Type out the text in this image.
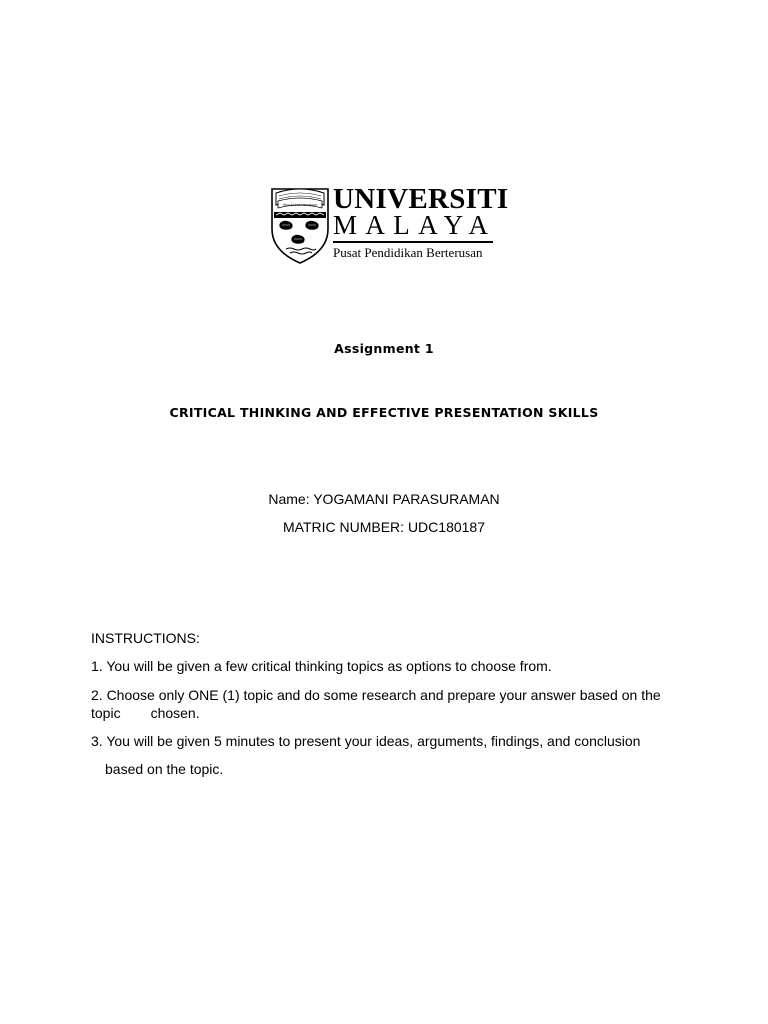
ilmu punca kemajuan UNIVERSITI
MALAYA
Pusat Pendidikan Berterusan
Assignment 1
CRITICAL THINKING AND EFFECTIVE PRESENTATION SKILLS
Name: YOGAMANI PARASURAMAN
MATRIC NUMBER: UDC180187
INSTRUCTIONS:
1. You will be given a few critical thinking topics as options to choose from.
2. Choose only ONE (1) topic and do some research and prepare your answer based on the
topic chosen.
3. You will be given 5 minutes to present your ideas, arguments, findings, and conclusion
based on the topic.
